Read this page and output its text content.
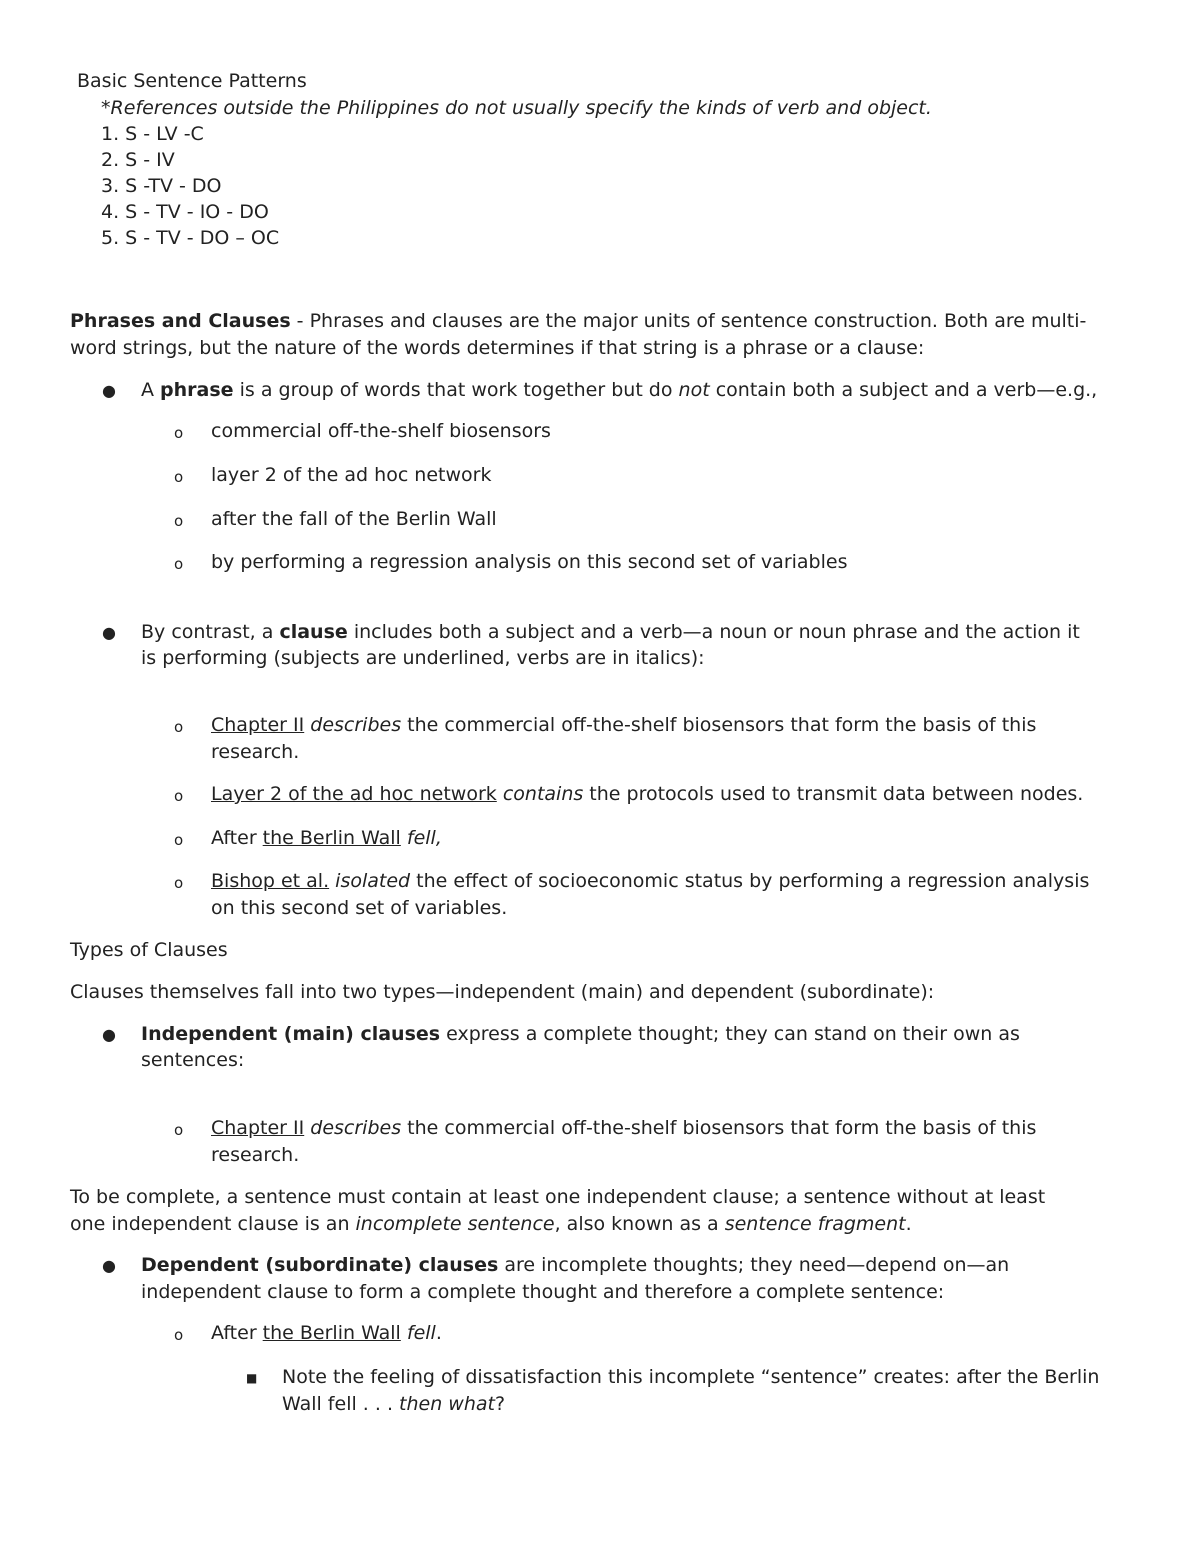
Basic Sentence Patterns
*References outside the Philippines do not usually specify the kinds of verb and object.
1. S - LV -C
2. S - IV
3. S -TV - DO
4. S - TV - IO - DO
5. S - TV - DO – OC
Phrases and Clauses - Phrases and clauses are the major units of sentence construction. Both are multi-
word strings, but the nature of the words determines if that string is a phrase or a clause:
● A phrase is a group of words that work together but do not contain both a subject and a verb—e.g.,
o commercial off-the-shelf biosensors
o layer 2 of the ad hoc network
o after the fall of the Berlin Wall
o by performing a regression analysis on this second set of variables
● By contrast, a clause includes both a subject and a verb—a noun or noun phrase and the action it
is performing (subjects are underlined, verbs are in italics):
o Chapter II describes the commercial off-the-shelf biosensors that form the basis of this
research.
o Layer 2 of the ad hoc network contains the protocols used to transmit data between nodes.
o After the Berlin Wall fell,
o Bishop et al. isolated the effect of socioeconomic status by performing a regression analysis
on this second set of variables.
Types of Clauses
Clauses themselves fall into two types—independent (main) and dependent (subordinate):
● Independent (main) clauses express a complete thought; they can stand on their own as
sentences:
o Chapter II describes the commercial off-the-shelf biosensors that form the basis of this
research.
To be complete, a sentence must contain at least one independent clause; a sentence without at least
one independent clause is an incomplete sentence, also known as a sentence fragment.
● Dependent (subordinate) clauses are incomplete thoughts; they need—depend on—an
independent clause to form a complete thought and therefore a complete sentence:
o After the Berlin Wall fell.
■ Note the feeling of dissatisfaction this incomplete “sentence” creates: after the Berlin
Wall fell . . . then what?
